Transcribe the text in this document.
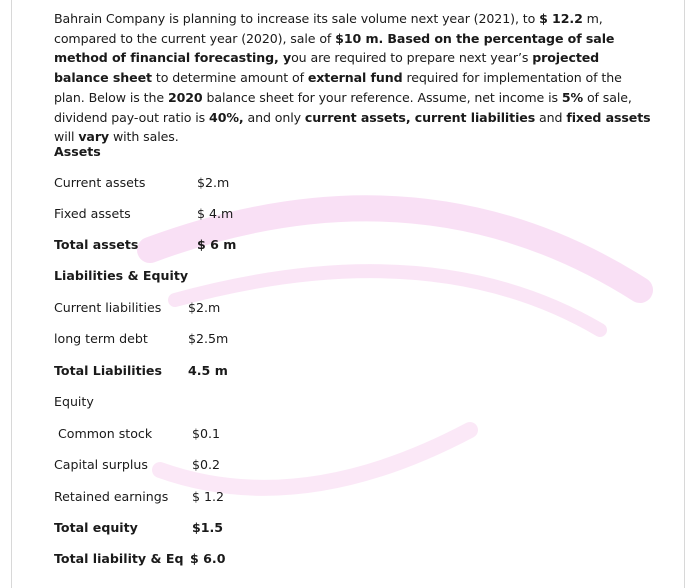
Bahrain Company is planning to increase its sale volume next year (2021), to $ 12.2 m, compared to the current year (2020), sale of $10 m. Based on the percentage of sale method of financial forecasting, you are required to prepare next year’s projected balance sheet to determine amount of external fund required for implementation of the plan. Below is the 2020 balance sheet for your reference. Assume, net income is 5% of sale, dividend pay-out ratio is 40%, and only current assets, current liabilities and fixed assets will vary with sales.

Assets
Current assets	$2.m
Fixed assets	$ 4.m
Total assets	$ 6 m
Liabilities & Equity
Current liabilities $2.m
long term debt	$2.5m
Total Liabilities 4.5 m
Equity
Common stock	$0.1
Capital surplus	$0.2
Retained earnings $ 1.2
Total equity	$1.5
Total liability & Eq $ 6.0
